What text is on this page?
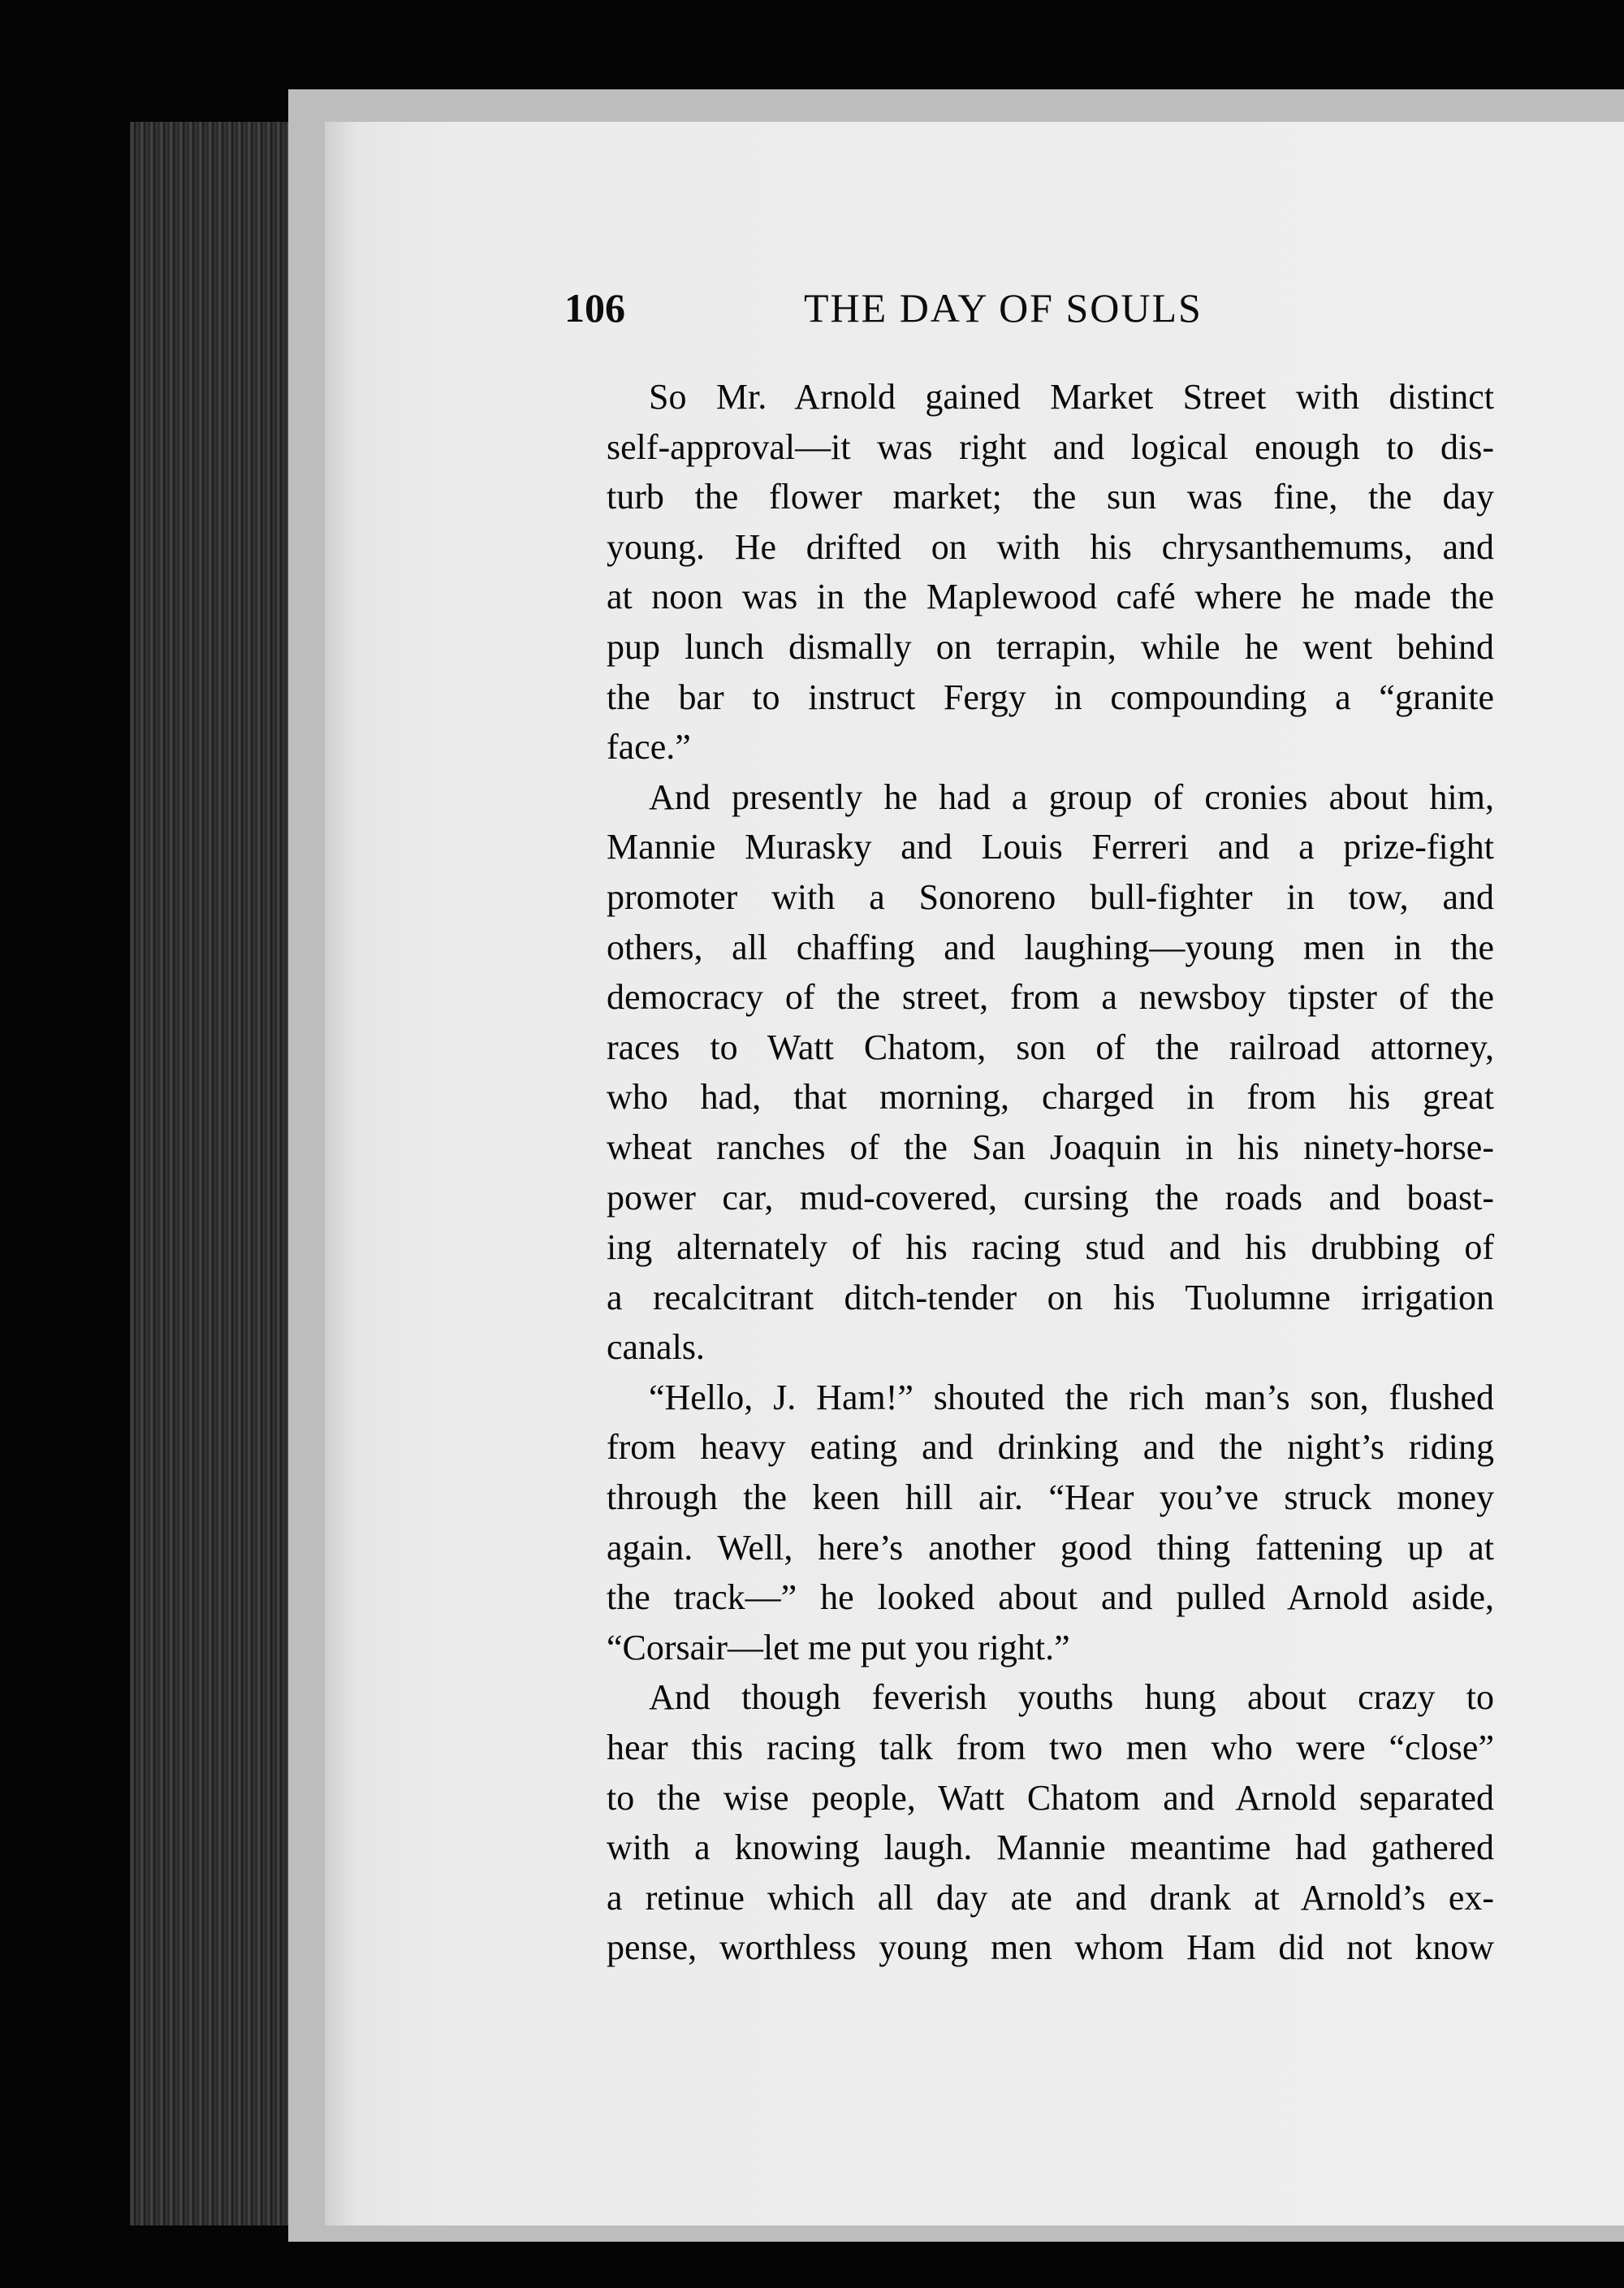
106	THE DAY OF SOULS
So Mr. Arnold gained Market Street with distinct
self-approval—it was right and logical enough to dis-
turb the flower market; the sun was fine, the day
young. He drifted on with his chrysanthemums, and
at noon was in the Maplewood café where he made the
pup lunch dismally on terrapin, while he went behind
the bar to instruct Fergy in compounding a “granite
face.”
And presently he had a group of cronies about him,
Mannie Murasky and Louis Ferreri and a prize-fight
promoter with a Sonoreno bull-fighter in tow, and
others, all chaffing and laughing—young men in the
democracy of the street, from a newsboy tipster of the
races to Watt Chatom, son of the railroad attorney,
who had, that morning, charged in from his great
wheat ranches of the San Joaquin in his ninety-horse-
power car, mud-covered, cursing the roads and boast-
ing alternately of his racing stud and his drubbing of
a recalcitrant ditch-tender on his Tuolumne irrigation
canals.
“Hello, J. Ham!” shouted the rich man’s son, flushed
from heavy eating and drinking and the night’s riding
through the keen hill air. “Hear you’ve struck money
again. Well, here’s another good thing fattening up at
the track—” he looked about and pulled Arnold aside,
“Corsair—let me put you right.”
And though feverish youths hung about crazy to
hear this racing talk from two men who were “close”
to the wise people, Watt Chatom and Arnold separated
with a knowing laugh. Mannie meantime had gathered
a retinue which all day ate and drank at Arnold’s ex-
pense, worthless young men whom Ham did not know
